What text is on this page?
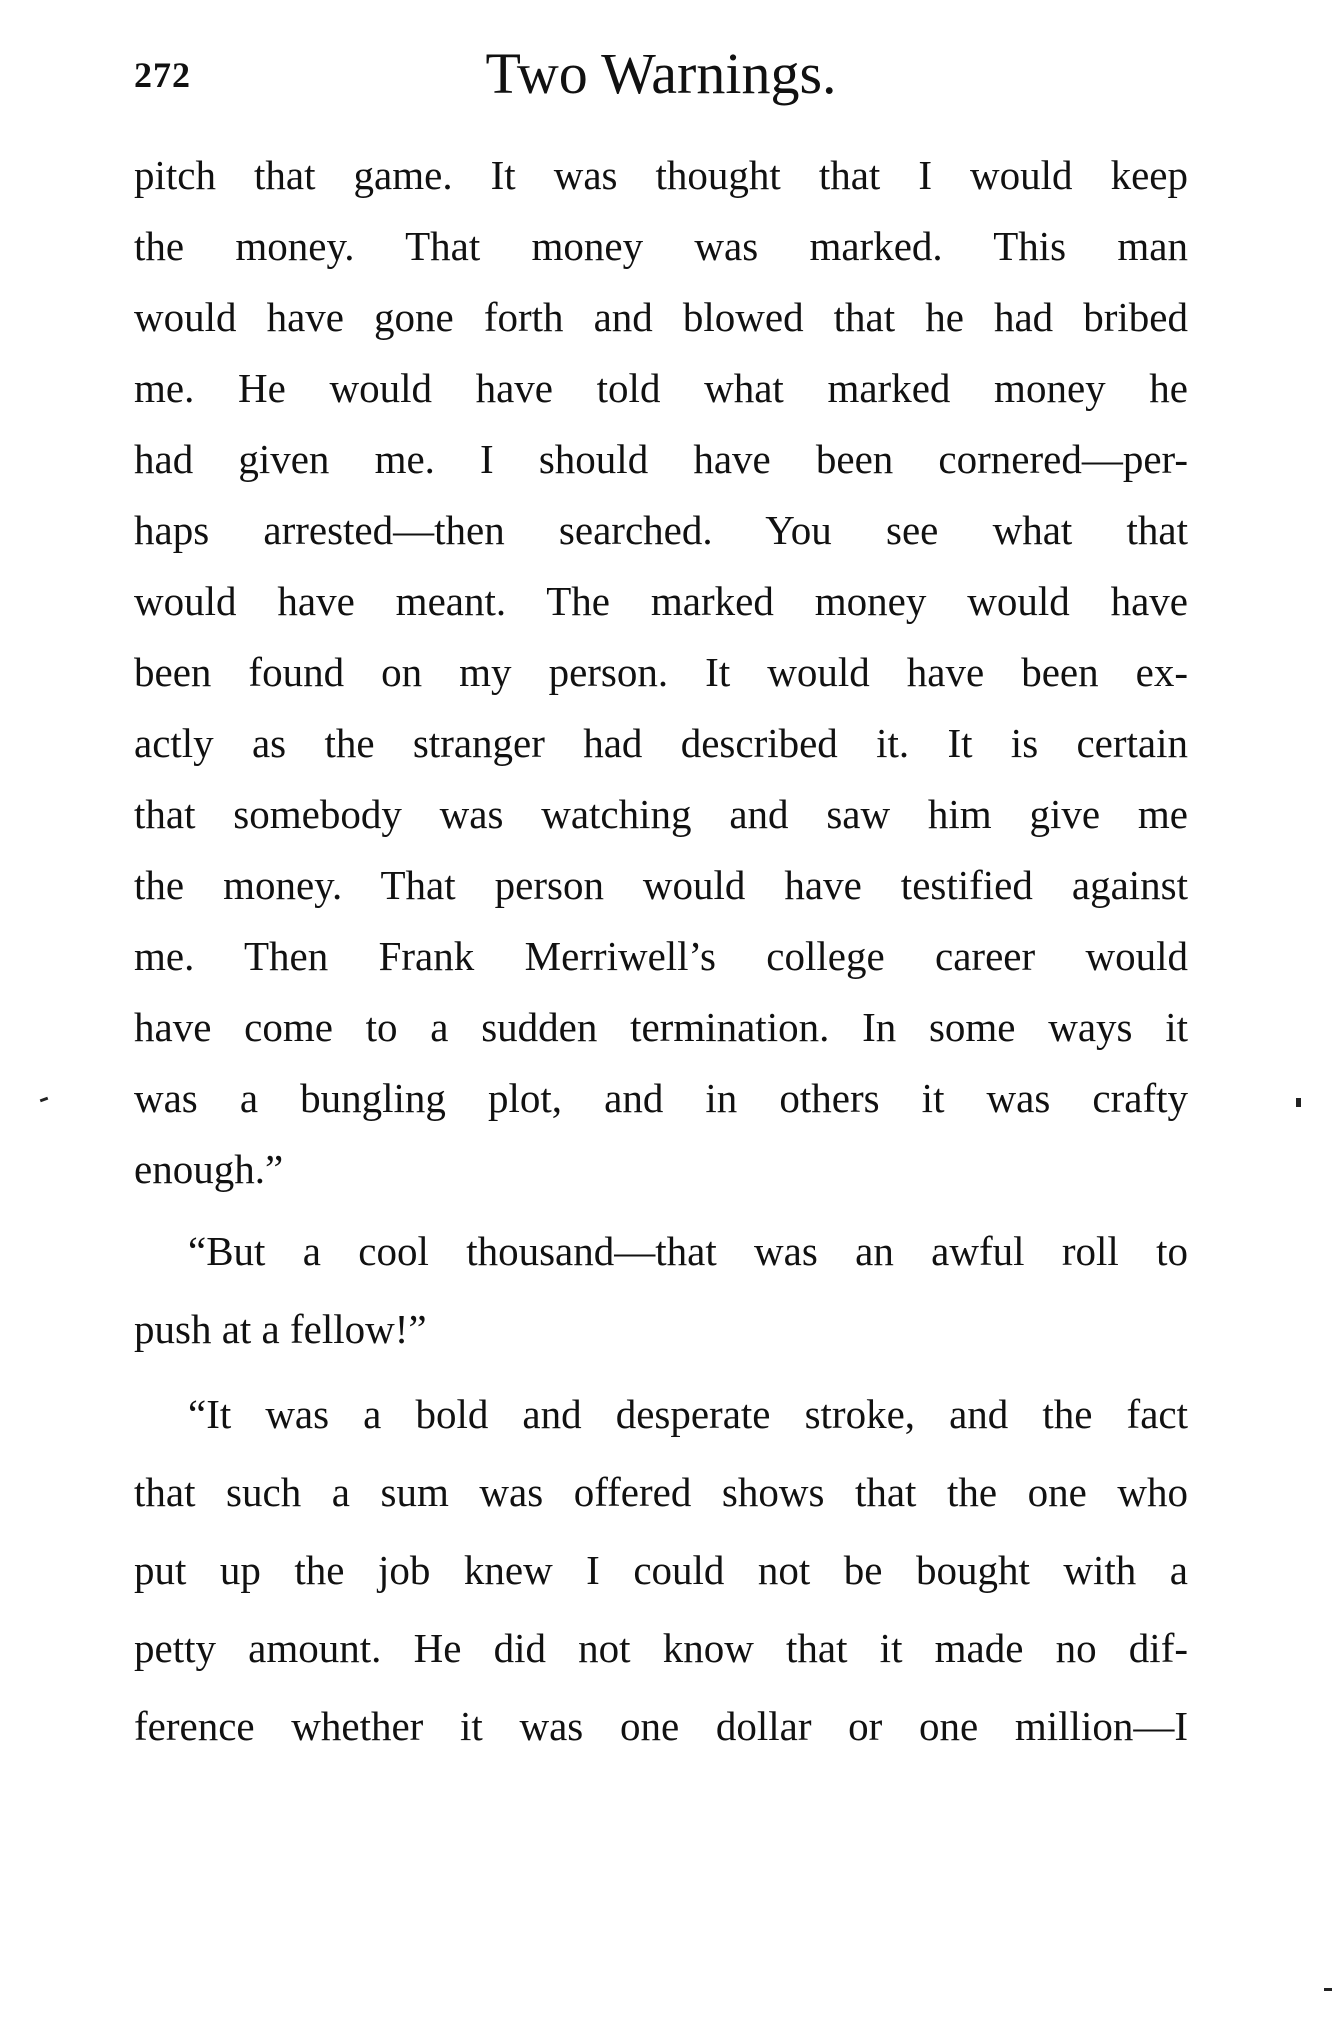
272	Two Warnings.
pitch that game. It was thought that I would keep
the money. That money was marked. This man
would have gone forth and blowed that he had bribed
me. He would have told what marked money he
had given me. I should have been cornered—per-
haps arrested—then searched. You see what that
would have meant. The marked money would have
been found on my person. It would have been ex-
actly as the stranger had described it. It is certain
that somebody was watching and saw him give me
the money. That person would have testified against
me. Then Frank Merriwell’s college career would
have come to a sudden termination. In some ways it
was a bungling plot, and in others it was crafty
enough.”
“But a cool thousand—that was an awful roll to
push at a fellow!”
“It was a bold and desperate stroke, and the fact
that such a sum was offered shows that the one who
put up the job knew I could not be bought with a
petty amount. He did not know that it made no dif-
ference whether it was one dollar or one million—I
